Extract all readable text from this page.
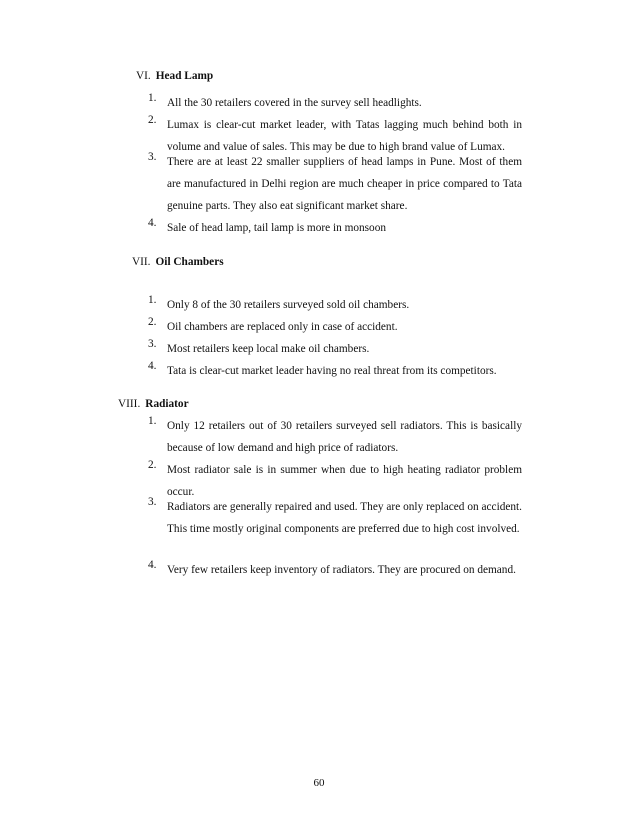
VI. Head Lamp
1. All the 30 retailers covered in the survey sell headlights.
2. Lumax is clear-cut market leader, with Tatas lagging much behind both in volume and value of sales. This may be due to high brand value of Lumax.
3. There are at least 22 smaller suppliers of head lamps in Pune. Most of them are manufactured in Delhi region are much cheaper in price compared to Tata genuine parts. They also eat significant market share.
4. Sale of head lamp, tail lamp is more in monsoon
VII. Oil Chambers
1. Only 8 of the 30 retailers surveyed sold oil chambers.
2. Oil chambers are replaced only in case of accident.
3. Most retailers keep local make oil chambers.
4. Tata is clear-cut market leader having no real threat from its competitors.
VIII. Radiator
1. Only 12 retailers out of 30 retailers surveyed sell radiators. This is basically because of low demand and high price of radiators.
2. Most radiator sale is in summer when due to high heating radiator problem occur.
3. Radiators are generally repaired and used. They are only replaced on accident. This time mostly original components are preferred due to high cost involved.
4. Very few retailers keep inventory of radiators. They are procured on demand.
60
